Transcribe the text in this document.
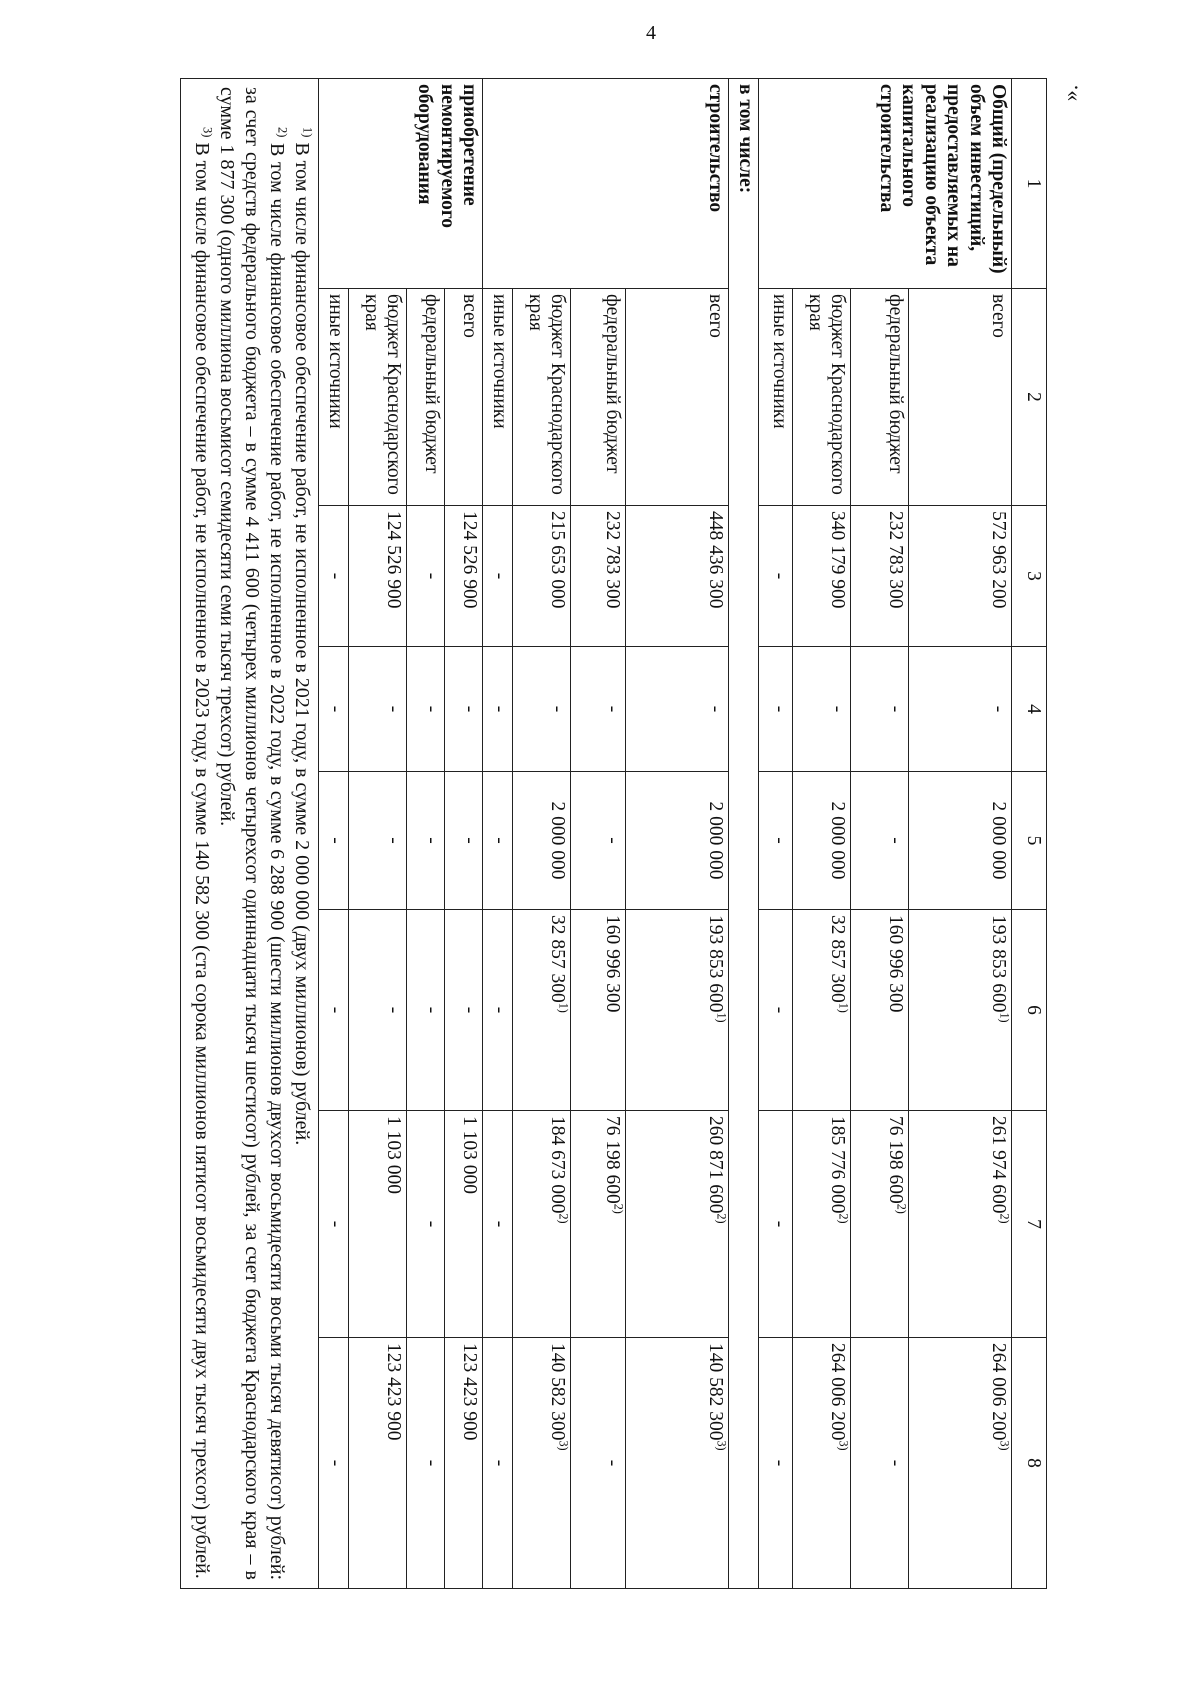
4
».
1	2	3	4	5	6	7	8
Общий (предельный) объем инвестиций, предоставляемых на реализацию объекта капитального строительства	всего	572 963 200	-	2 000 000	193 853 600$^{1)}$	261 974 600$^{2)}$	264 006 200$^{3)}$
	федеральный бюджет	232 783 300	-	-	160 996 300	76 198 600$^{2)}$	-
	бюджет Краснодарского края	340 179 900	-	2 000 000	32 857 300$^{1)}$	185 776 000$^{2)}$	264 006 200$^{3)}$
	иные источники	-	-	-	-	-	-
в том числе:							
строительство	всего	448 436 300	-	2 000 000	193 853 600$^{1)}$	260 871 600$^{2)}$	140 582 300$^{3)}$
	федеральный бюджет	232 783 300	-	-	160 996 300	76 198 600$^{2)}$	-
	бюджет Краснодарского края	215 653 000	-	2 000 000	32 857 300$^{1)}$	184 673 000$^{2)}$	140 582 300$^{3)}$
	иные источники	-	-	-	-	-	-
приобретение немонтируемого оборудования	всего	124 526 900	-	-	-	1 103 000	123 423 900
	федеральный бюджет	-	-	-	-	-	-
	бюджет Краснодарского края	124 526 900	-	-	-	1 103 000	123 423 900
	иные источники	-	-	-	-	-	-

$^{1)}$ В том числе финансовое обеспечение работ, не исполненное в 2021 году, в сумме 2 000 000 (двух миллионов) рублей.

$^{2)}$ В том числе финансовое обеспечение работ, не исполненное в 2022 году, в сумме 6 288 900 (шести миллионов двухсот восьмидесяти восьми тысяч девятисот) рублей: за счет средств федерального бюджета – в сумме 4 411 600 (четырех миллионов четырехсот одиннадцати тысяч шестисот) рублей, за счет бюджета Краснодарского края – в сумме 1 877 300 (одного миллиона восьмисот семидесяти семи тысяч трехсот) рублей.

$^{3)}$ В том числе финансовое обеспечение работ, не исполненное в 2023 году, в сумме 140 582 300 (ста сорока миллионов пятисот восьмидесяти двух тысяч трехсот) рублей.							
